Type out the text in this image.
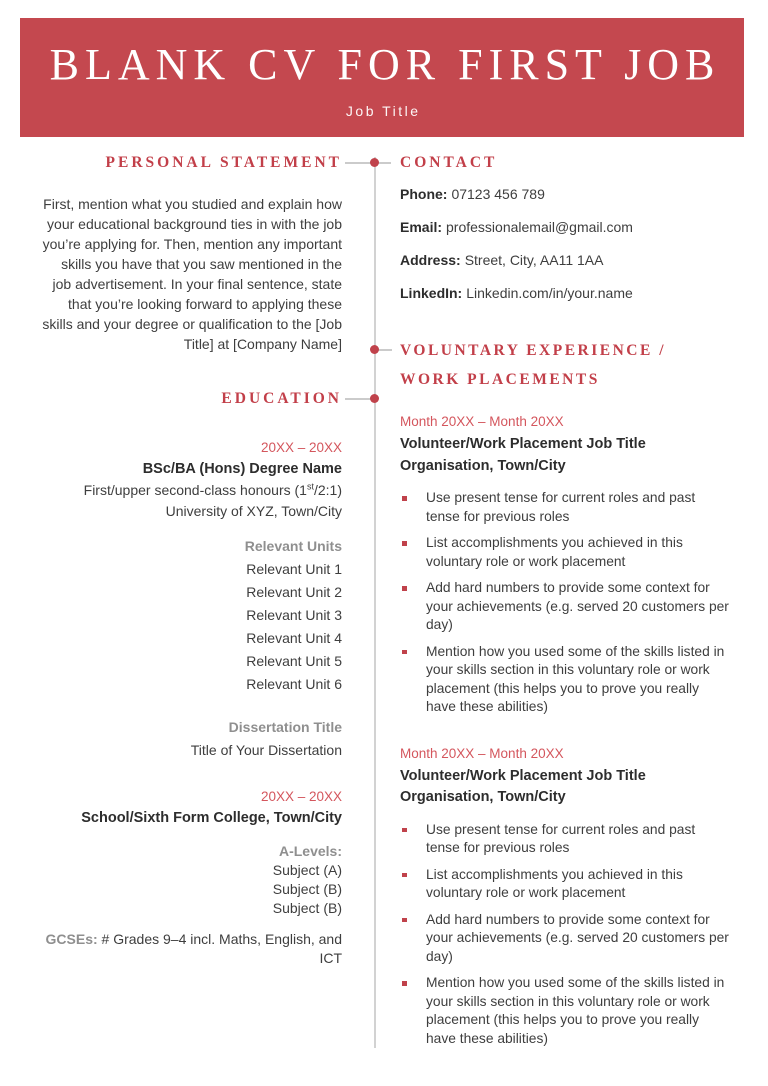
BLANK CV FOR FIRST JOB
Job Title
PERSONAL STATEMENT
First, mention what you studied and explain how your educational background ties in with the job you’re applying for. Then, mention any important skills you have that you saw mentioned in the job advertisement. In your final sentence, state that you’re looking forward to applying these skills and your degree or qualification to the [Job Title] at [Company Name]
EDUCATION
20XX – 20XX
BSc/BA (Hons) Degree Name
First/upper second-class honours (1st/2:1)
University of XYZ, Town/City
Relevant Units
Relevant Unit 1
Relevant Unit 2
Relevant Unit 3
Relevant Unit 4
Relevant Unit 5
Relevant Unit 6
Dissertation Title
Title of Your Dissertation
20XX – 20XX
School/Sixth Form College, Town/City
A-Levels:
Subject (A)
Subject (B)
Subject (B)
GCSEs: # Grades 9–4 incl. Maths, English, and ICT
CONTACT
Phone: 07123 456 789
Email: professionalemail@gmail.com
Address: Street, City, AA11 1AA
LinkedIn: Linkedin.com/in/your.name
VOLUNTARY EXPERIENCE /
WORK PLACEMENTS
Month 20XX – Month 20XX
Volunteer/Work Placement Job Title
Organisation, Town/City
Use present tense for current roles and past tense for previous roles
List accomplishments you achieved in this voluntary role or work placement
Add hard numbers to provide some context for your achievements (e.g. served 20 customers per day)
Mention how you used some of the skills listed in your skills section in this voluntary role or work placement (this helps you to prove you really have these abilities)
Month 20XX – Month 20XX
Volunteer/Work Placement Job Title
Organisation, Town/City
Use present tense for current roles and past tense for previous roles
List accomplishments you achieved in this voluntary role or work placement
Add hard numbers to provide some context for your achievements (e.g. served 20 customers per day)
Mention how you used some of the skills listed in your skills section in this voluntary role or work placement (this helps you to prove you really have these abilities)
